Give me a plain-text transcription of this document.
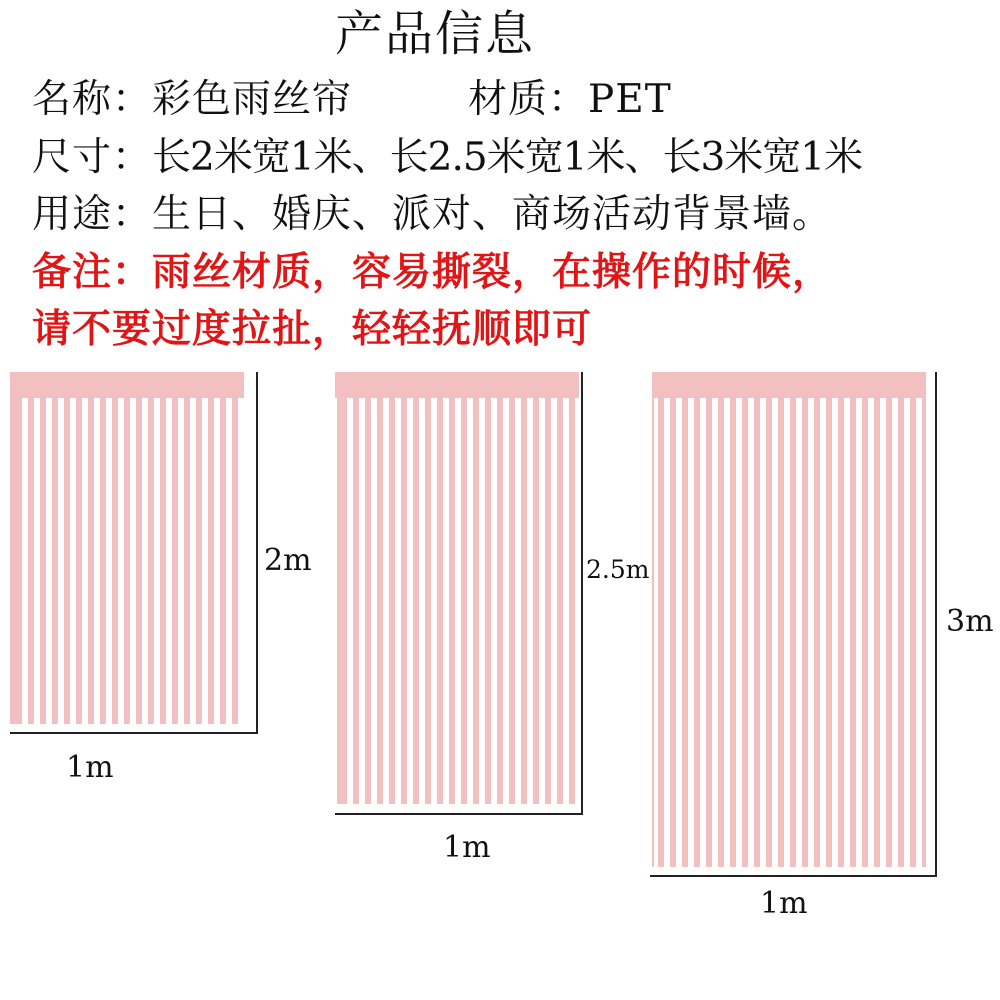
产品信息
名称：彩色雨丝帘	材质：PET
尺寸：长2米宽1米、长2.5米宽1米、长3米宽1米
用途：生日、婚庆、派对、商场活动背景墙。
备注：雨丝材质，容易撕裂，在操作的时候，
请不要过度拉扯，轻轻抚顺即可
2m
1m
2.5m
1m
3m
1m
